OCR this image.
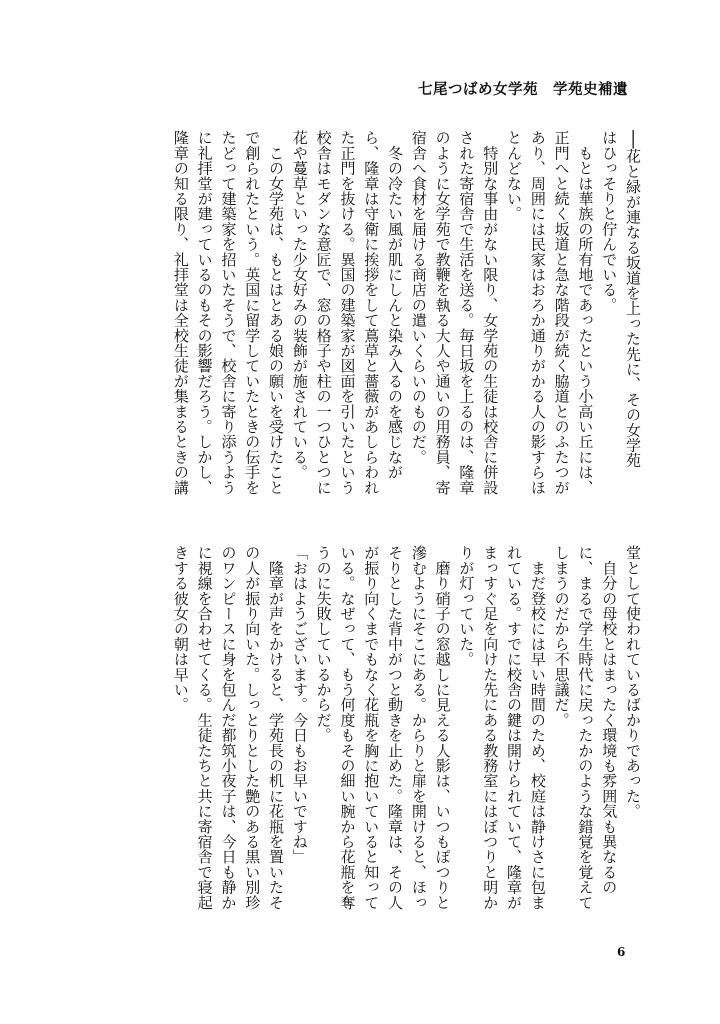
七尾つばめ女学苑　学苑史補遺
──花と緑が連なる坂道を上った先に、その女学苑
はひっそりと佇んでいる。
　もとは華族の所有地であったという小高い丘には、
正門へと続く坂道と急な階段が続く脇道とのふたつが
あり、周囲には民家はおろか通りがかる人の影すらほ
とんどない。
　特別な事由がない限り、女学苑の生徒は校舎に併設
された寄宿舎で生活を送る。毎日坂を上るのは、隆章
のように女学苑で教鞭を執る大人や通いの用務員、寄
宿舎へ食材を届ける商店の遣いくらいのものだ。
　冬の冷たい風が肌にしんと染み入るのを感じなが
ら、隆章は守衛に挨拶をして蔦草と薔薇があしらわれ
た正門を抜ける。異国の建築家が図面を引いたという
校舎はモダンな意匠で、窓の格子や柱の一つひとつに
花や蔓草といった少女好みの装飾が施されている。
　この女学苑は、もとはとある娘の願いを受けたこと
で創られたという。英国に留学していたときの伝手を
たどって建築家を招いたそうで、校舎に寄り添うよう
に礼拝堂が建っているのもその影響だろう。しかし、
隆章の知る限り、礼拝堂は全校生徒が集まるときの講
堂として使われているばかりであった。
　自分の母校とはまったく環境も雰囲気も異なるの
に、まるで学生時代に戻ったかのような錯覚を覚えて
しまうのだから不思議だ。
　まだ登校には早い時間のため、校庭は静けさに包ま
れている。すでに校舎の鍵は開けられていて、隆章が
まっすぐ足を向けた先にある教務室にはぼつりと明か
りが灯っていた。
　磨り硝子の窓越しに見える人影は、いつもぽつりと
滲むようにそこにある。からりと扉を開けると、ほっ
そりとした背中がつと動きを止めた。隆章は、その人
が振り向くまでもなく花瓶を胸に抱いていると知って
いる。なぜって、もう何度もその細い腕から花瓶を奪
うのに失敗しているからだ。
「おはようございます。今日もお早いですね」
　隆章が声をかけると、学苑長の机に花瓶を置いたそ
の人が振り向いた。しっとりとした艶のある黒い別珍
のワンピースに身を包んだ都筑小夜子は、今日も静か
に視線を合わせてくる。生徒たちと共に寄宿舎で寝起
きする彼女の朝は早い。
6
